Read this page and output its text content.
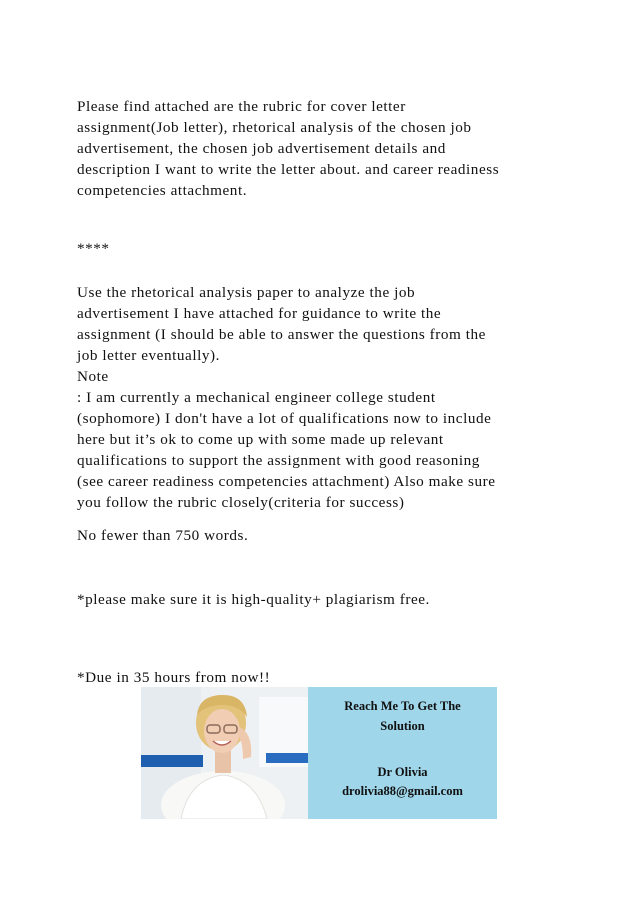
Please find attached are the rubric for cover letter
assignment(Job letter), rhetorical analysis of the chosen job
advertisement, the chosen job advertisement details and
description I want to write the letter about. and career readiness
competencies attachment.

****

Use the rhetorical analysis paper to analyze the job
advertisement I have attached for guidance to write the
assignment (I should be able to answer the questions from the
job letter eventually).
Note
: I am currently a mechanical engineer college student
(sophomore) I don't have a lot of qualifications now to include
here but it’s ok to come up with some made up relevant
qualifications to support the assignment with good reasoning
(see career readiness competencies attachment) Also make sure
you follow the rubric closely(criteria for success)

No fewer than 750 words.

*please make sure it is high-quality+ plagiarism free.

*Due in 35 hours from now!!

Reach Me To Get The
Solution
Dr Olivia
drolivia88@gmail.com
